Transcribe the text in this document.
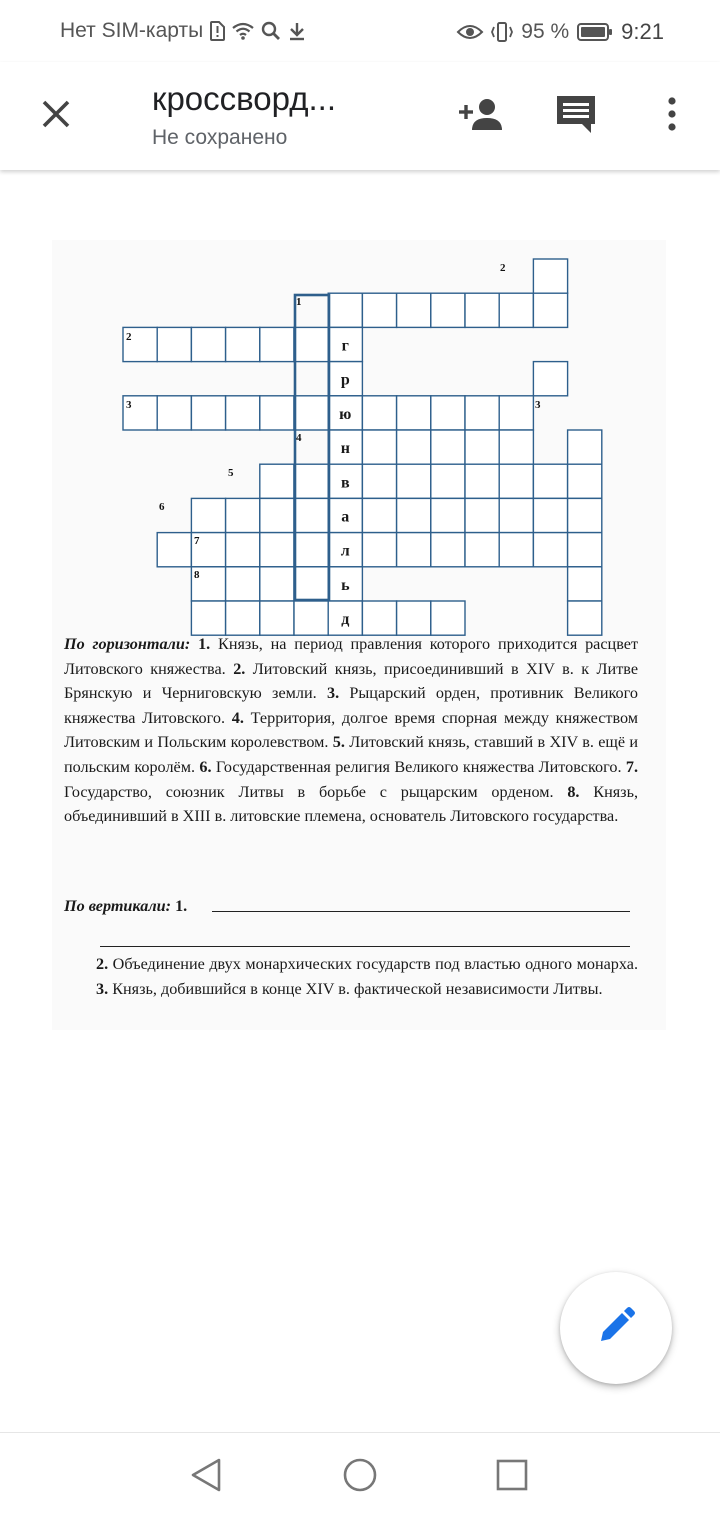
Нет SIM-карты	95 % 9:21
кроссворд...
Не сохранено
г
р
ю
н
в
а
л
ь
д
2
1
2
3	3
4
5
6
7
8
По горизонтали: 1. Князь, на период правления которого приходится расцвет Литовского княжества. 2. Литовский князь, присоединивший в XIV в. к Литве Брянскую и Черниговскую земли. 3. Рыцарский орден, противник Великого княжества Литовского. 4. Территория, долгое время спорная между княжеством Литовским и Польским королевством. 5. Литовский князь, ставший в XIV в. ещё и польским королём. 6. Государственная религия Великого княжества Литовского. 7. Государство, союзник Литвы в борьбе с рыцарским орденом. 8. Князь, объединивший в XIII в. литовские племена, основатель Литовского государства.
По вертикали: 1.
2. Объединение двух монархических государств под властью одного монарха. 3. Князь, добившийся в конце XIV в. фактической независимости Литвы.
